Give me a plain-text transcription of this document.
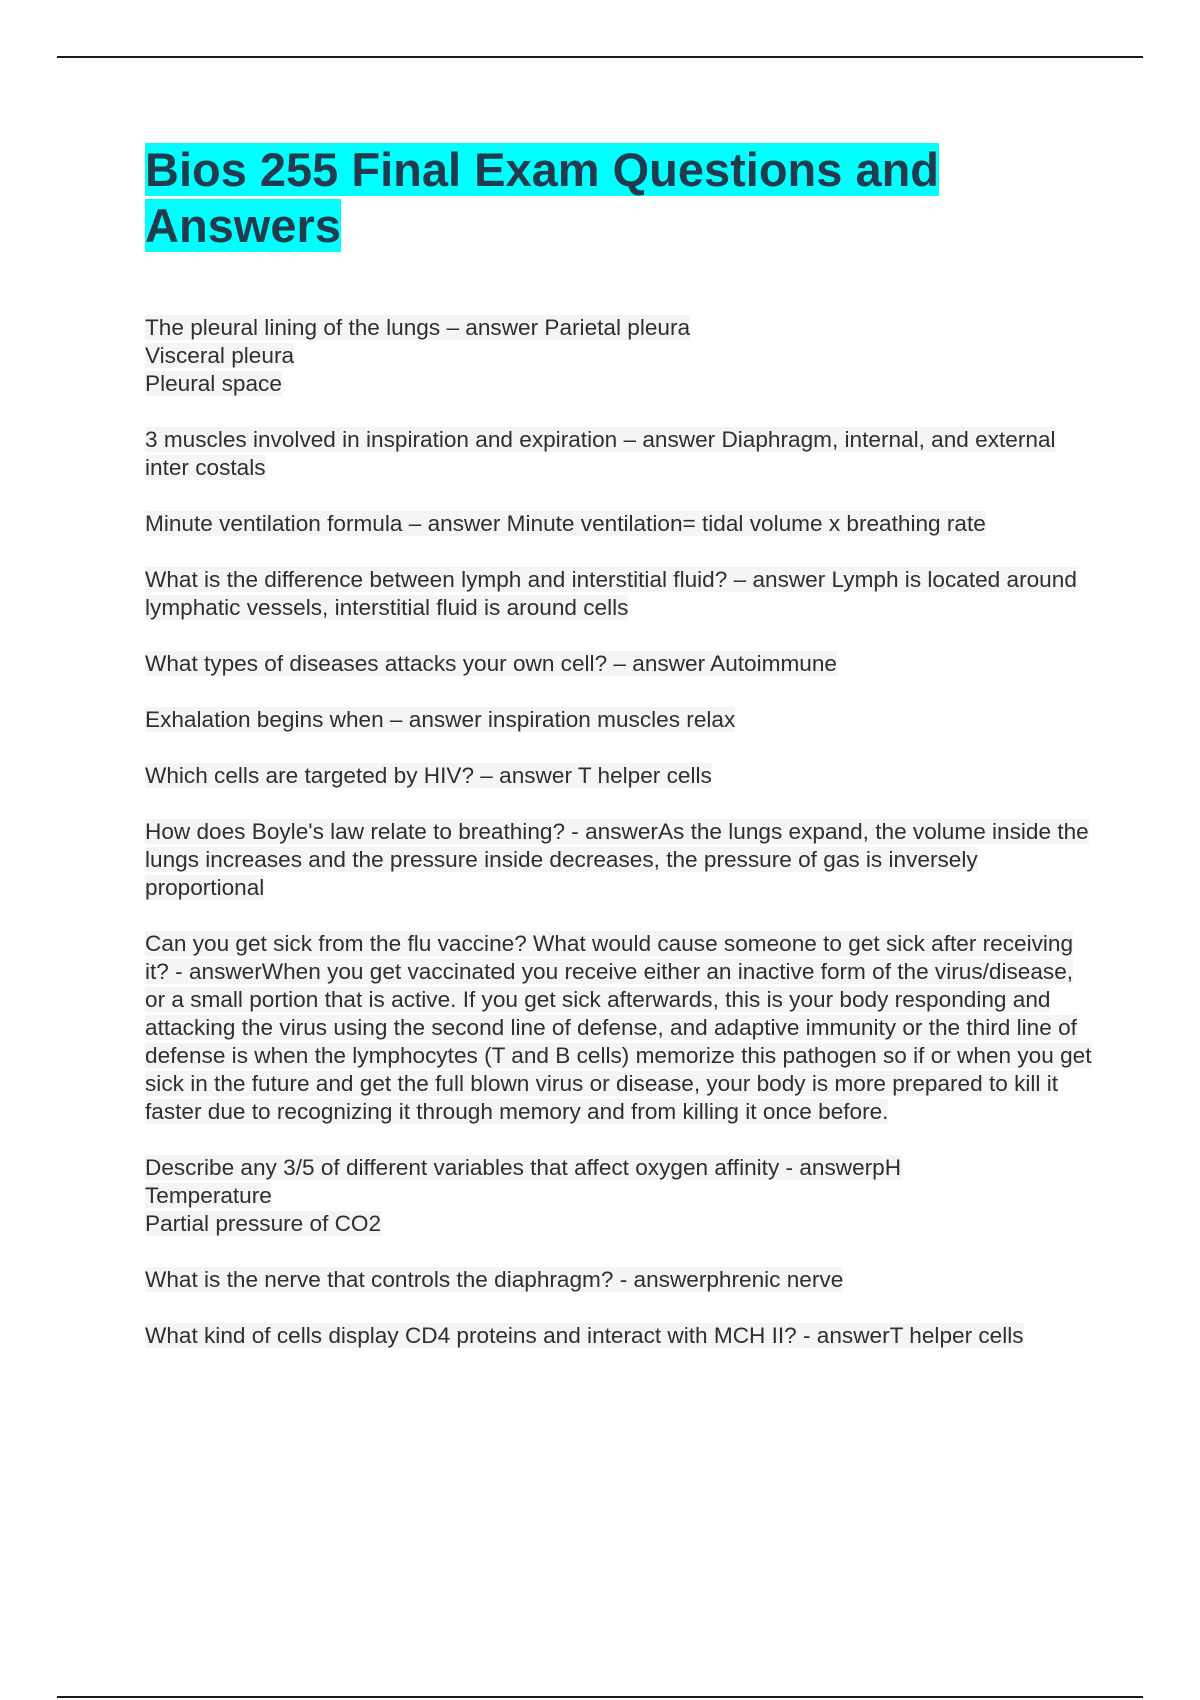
Bios 255 Final Exam Questions and Answers

The pleural lining of the lungs – answer Parietal pleura
Visceral pleura
Pleural space

3 muscles involved in inspiration and expiration – answer Diaphragm, internal, and external inter costals

Minute ventilation formula – answer Minute ventilation= tidal volume x breathing rate

What is the difference between lymph and interstitial fluid? – answer Lymph is located around lymphatic vessels, interstitial fluid is around cells

What types of diseases attacks your own cell? – answer Autoimmune

Exhalation begins when – answer inspiration muscles relax

Which cells are targeted by HIV? – answer T helper cells

How does Boyle's law relate to breathing? - answerAs the lungs expand, the volume inside the lungs increases and the pressure inside decreases, the pressure of gas is inversely proportional

Can you get sick from the flu vaccine? What would cause someone to get sick after receiving it? - answerWhen you get vaccinated you receive either an inactive form of the virus/disease, or a small portion that is active. If you get sick afterwards, this is your body responding and attacking the virus using the second line of defense, and adaptive immunity or the third line of defense is when the lymphocytes (T and B cells) memorize this pathogen so if or when you get sick in the future and get the full blown virus or disease, your body is more prepared to kill it faster due to recognizing it through memory and from killing it once before.

Describe any 3/5 of different variables that affect oxygen affinity - answerpH
Temperature
Partial pressure of CO2

What is the nerve that controls the diaphragm? - answerphrenic nerve

What kind of cells display CD4 proteins and interact with MCH II? - answerT helper cells
